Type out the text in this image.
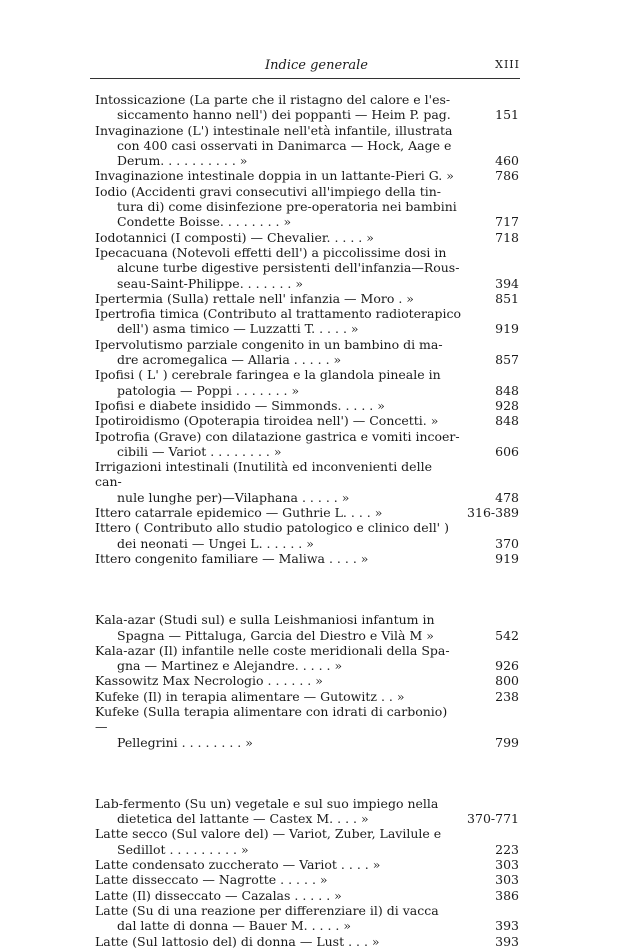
Indice generale	XIII
Intossicazione (La parte che il ristagno del calore e l'es-
siccamento hanno nell') dei poppanti — Heim P. pag.	151
Invaginazione (L') intestinale nell'età infantile, illustrata
con 400 casi osservati in Danimarca — Hock, Aage e
Derum. . . . . . . . . . »	460
Invaginazione intestinale doppia in un lattante-Pieri G. »	786
Iodio (Accidenti gravi consecutivi all'impiego della tin-
tura di) come disinfezione pre-operatoria nei bambini
Condette Boisse. . . . . . . . »	717
Iodotannici (I composti) — Chevalier. . . . . »	718
Ipecacuana (Notevoli effetti dell') a piccolissime dosi in
alcune turbe digestive persistenti dell'infanzia—Rous-
seau-Saint-Philippe. . . . . . . »	394
Ipertermia (Sulla) rettale nell' infanzia — Moro . »	851
Ipertrofia timica (Contributo al trattamento radioterapico
dell') asma timico — Luzzatti T. . . . . »	919
Ipervolutismo parziale congenito in un bambino di ma-
dre acromegalica — Allaria . . . . . »	857
Ipofisi ( L' ) cerebrale faringea e la glandola pineale in
patologia — Poppi . . . . . . . »	848
Ipofisi e diabete insidido — Simmonds. . . . . »	928
Ipotiroidismo (Opoterapia tiroidea nell') — Concetti. »	848
Ipotrofia (Grave) con dilatazione gastrica e vomiti incoer-
cibili — Variot . . . . . . . . »	606
Irrigazioni intestinali (Inutilità ed inconvenienti delle can-
nule lunghe per)—Vilaphana . . . . . »	478
Ittero catarrale epidemico — Guthrie L. . . . »	316-389
Ittero ( Contributo allo studio patologico e clinico dell' )
dei neonati — Ungei L. . . . . . »	370
Ittero congenito familiare — Maliwa . . . . »	919
Kala-azar (Studi sul) e sulla Leishmaniosi infantum in
Spagna — Pittaluga, Garcia del Diestro e Vilà M »	542
Kala-azar (Il) infantile nelle coste meridionali della Spa-
gna — Martinez e Alejandre. . . . . »	926
Kassowitz Max Necrologio . . . . . . »	800
Kufeke (Il) in terapia alimentare — Gutowitz . . »	238
Kufeke (Sulla terapia alimentare con idrati di carbonio) —
Pellegrini . . . . . . . . »	799
Lab-fermento (Su un) vegetale e sul suo impiego nella
dietetica del lattante — Castex M. . . . »	370-771
Latte secco (Sul valore del) — Variot, Zuber, Lavilule e
Sedillot . . . . . . . . . »	223
Latte condensato zuccherato — Variot . . . . »	303
Latte disseccato — Nagrotte . . . . . »	303
Latte (Il) disseccato — Cazalas . . . . . »	386
Latte (Su di una reazione per differenziare il) di vacca
dal latte di donna — Bauer M. . . . . »	393
Latte (Sul lattosio del) di donna — Lust . . . »	393
